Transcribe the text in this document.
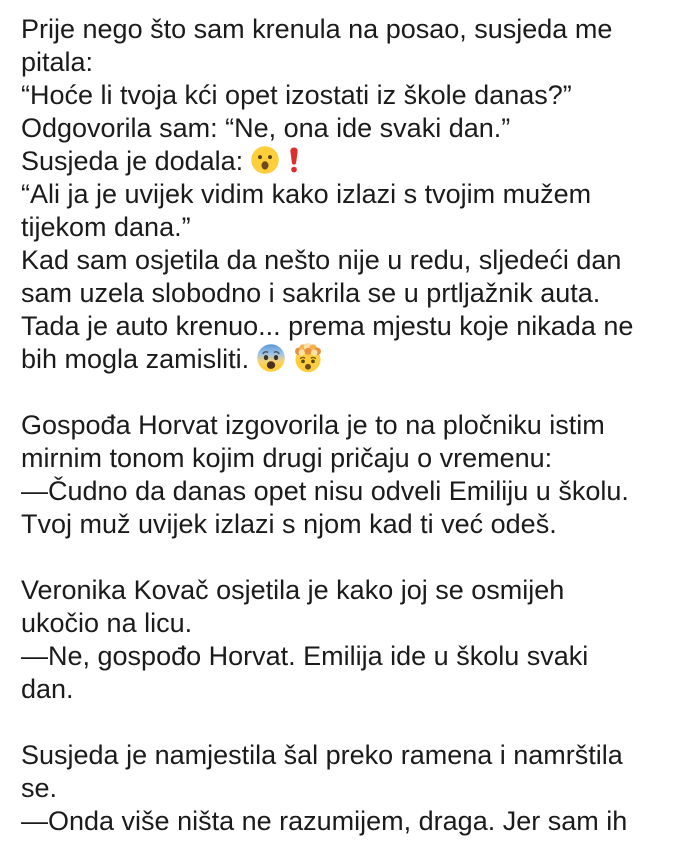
Prije nego što sam krenula na posao, susjeda me
pitala:
“Hoće li tvoja kći opet izostati iz škole danas?”
Odgovorila sam: “Ne, ona ide svaki dan.”
Susjeda je dodala:
“Ali ja je uvijek vidim kako izlazi s tvojim mužem
tijekom dana.”
Kad sam osjetila da nešto nije u redu, sljedeći dan
sam uzela slobodno i sakrila se u prtljažnik auta.
Tada je auto krenuo... prema mjestu koje nikada ne
bih mogla zamisliti.
Gospođa Horvat izgovorila je to na pločniku istim
mirnim tonom kojim drugi pričaju o vremenu:
—Čudno da danas opet nisu odveli Emiliju u školu.
Tvoj muž uvijek izlazi s njom kad ti već odeš.
Veronika Kovač osjetila je kako joj se osmijeh
ukočio na licu.
—Ne, gospođo Horvat. Emilija ide u školu svaki
dan.
Susjeda je namjestila šal preko ramena i namrštila
se.
—Onda više ništa ne razumijem, draga. Jer sam ih
